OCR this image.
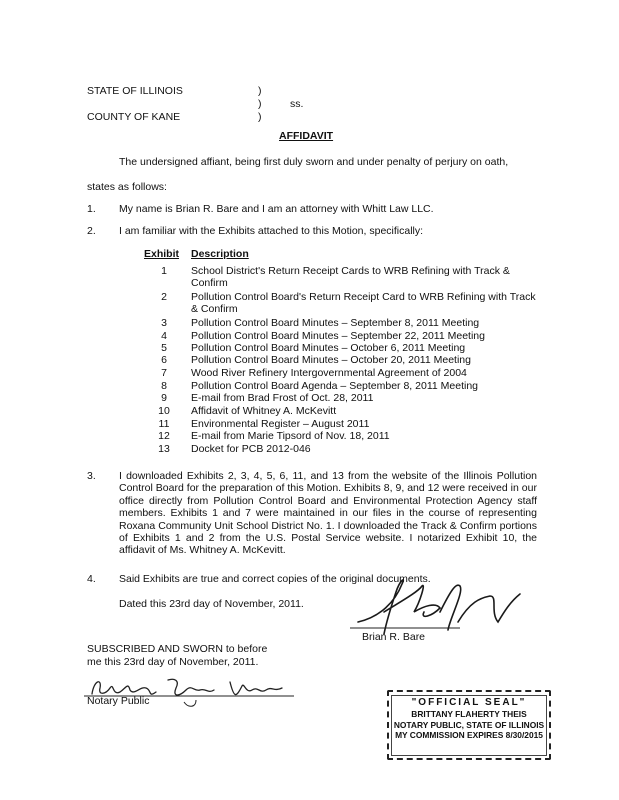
STATE OF ILLINOIS
COUNTY OF KANE
)
)
)
ss.
AFFIDAVIT
The undersigned affiant, being first duly sworn and under penalty of perjury on oath,
states as follows:
1. My name is Brian R. Bare and I am an attorney with Whitt Law LLC.
2. I am familiar with the Exhibits attached to this Motion, specifically:
Exhibit Description
1	School District's Return Receipt Cards to WRB Refining with Track & Confirm
2	Pollution Control Board's Return Receipt Card to WRB Refining with Track & Confirm
3	Pollution Control Board Minutes – September 8, 2011 Meeting
4	Pollution Control Board Minutes – September 22, 2011 Meeting
5	Pollution Control Board Minutes – October 6, 2011 Meeting
6	Pollution Control Board Minutes – October 20, 2011 Meeting
7	Wood River Refinery Intergovernmental Agreement of 2004
8	Pollution Control Board Agenda – September 8, 2011 Meeting
9	E-mail from Brad Frost of Oct. 28, 2011
10	Affidavit of Whitney A. McKevitt
11	Environmental Register – August 2011
12	E-mail from Marie Tipsord of Nov. 18, 2011
13	Docket for PCB 2012-046
3. I downloaded Exhibits 2, 3, 4, 5, 6, 11, and 13 from the website of the Illinois Pollution Control Board for the preparation of this Motion. Exhibits 8, 9, and 12 were received in our office directly from Pollution Control Board and Environmental Protection Agency staff members. Exhibits 1 and 7 were maintained in our files in the course of representing Roxana Community Unit School District No. 1. I downloaded the Track & Confirm portions of Exhibits 1 and 2 from the U.S. Postal Service website. I notarized Exhibit 10, the affidavit of Ms. Whitney A. McKevitt.
4. Said Exhibits are true and correct copies of the original documents.
Dated this 23rd day of November, 2011.
Brian R. Bare
SUBSCRIBED AND SWORN to before
me this 23rd day of November, 2011.
Notary Public	"OFFICIAL SEAL"
BRITTANY FLAHERTY THEIS
NOTARY PUBLIC, STATE OF ILLINOIS
MY COMMISSION EXPIRES 8/30/2015
